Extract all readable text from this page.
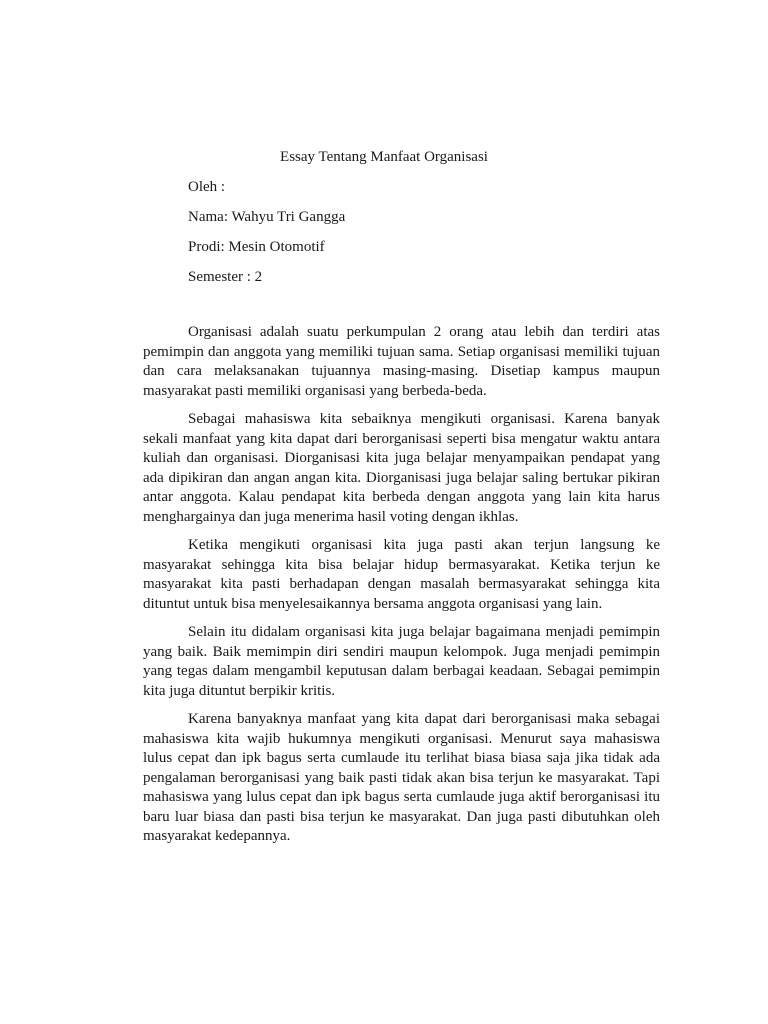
Essay Tentang Manfaat Organisasi
Oleh :
Nama: Wahyu Tri Gangga
Prodi: Mesin Otomotif
Semester : 2

Organisasi adalah suatu perkumpulan 2 orang atau lebih dan terdiri atas pemimpin dan anggota yang memiliki tujuan sama. Setiap organisasi memiliki tujuan dan cara melaksanakan tujuannya masing-masing. Disetiap kampus maupun masyarakat pasti memiliki organisasi yang berbeda-beda.

Sebagai mahasiswa kita sebaiknya mengikuti organisasi. Karena banyak sekali manfaat yang kita dapat dari berorganisasi seperti bisa mengatur waktu antara kuliah dan organisasi. Diorganisasi kita juga belajar menyampaikan pendapat yang ada dipikiran dan angan angan kita. Diorganisasi juga belajar saling bertukar pikiran antar anggota. Kalau pendapat kita berbeda dengan anggota yang lain kita harus menghargainya dan juga menerima hasil voting dengan ikhlas.

Ketika mengikuti organisasi kita juga pasti akan terjun langsung ke masyarakat sehingga kita bisa belajar hidup bermasyarakat. Ketika terjun ke masyarakat kita pasti berhadapan dengan masalah bermasyarakat sehingga kita dituntut untuk bisa menyelesaikannya bersama anggota organisasi yang lain.

Selain itu didalam organisasi kita juga belajar bagaimana menjadi pemimpin yang baik. Baik memimpin diri sendiri maupun kelompok. Juga menjadi pemimpin yang tegas dalam mengambil keputusan dalam berbagai keadaan. Sebagai pemimpin kita juga dituntut berpikir kritis.

Karena banyaknya manfaat yang kita dapat dari berorganisasi maka sebagai mahasiswa kita wajib hukumnya mengikuti organisasi. Menurut saya mahasiswa lulus cepat dan ipk bagus serta cumlaude itu terlihat biasa biasa saja jika tidak ada pengalaman berorganisasi yang baik pasti tidak akan bisa terjun ke masyarakat. Tapi mahasiswa yang lulus cepat dan ipk bagus serta cumlaude juga aktif berorganisasi itu baru luar biasa dan pasti bisa terjun ke masyarakat. Dan juga pasti dibutuhkan oleh masyarakat kedepannya.
